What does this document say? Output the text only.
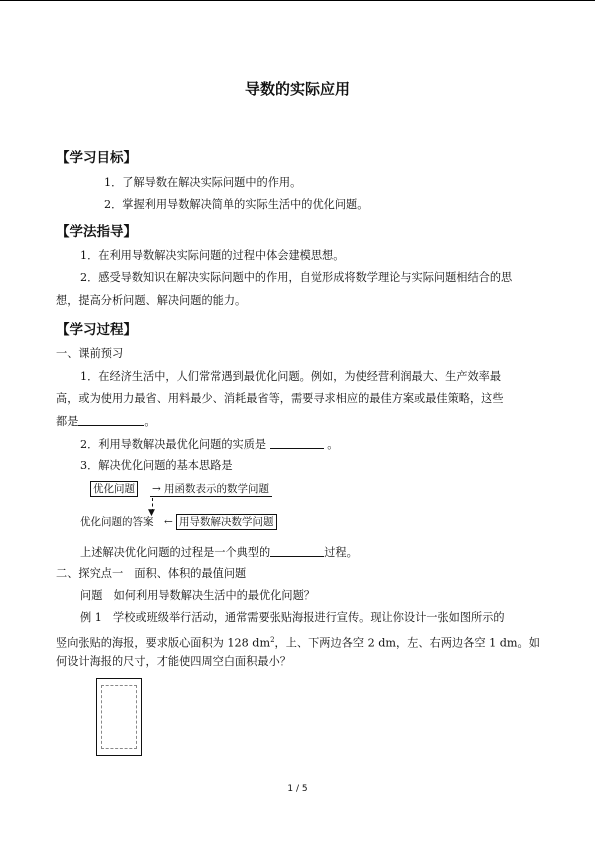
导数的实际应用
【学习目标】
1．了解导数在解决实际问题中的作用。
2．掌握利用导数解决简单的实际生活中的优化问题。
【学法指导】
1．在利用导数解决实际问题的过程中体会建模思想。
2．感受导数知识在解决实际问题中的作用，自觉形成将数学理论与实际问题相结合的思
想，提高分析问题、解决问题的能力。
【学习过程】
一、课前预习
1．在经济生活中，人们常常遇到最优化问题。例如，为使经营利润最大、生产效率最
高，或为使用力最省、用料最少、消耗最省等，需要寻求相应的最佳方案或最佳策略，这些
都是	。
2．利用导数解决最优化问题的实质是	。
3．解决优化问题的基本思路是
优化问题 → 用函数表示的数学问题
▼
优化问题的答案 ← 用导数解决数学问题
上述解决优化问题的过程是一个典型的	过程。
二、探究点一　面积、体积的最值问题
问题　如何利用导数解决生活中的最优化问题？
例 1　学校或班级举行活动，通常需要张贴海报进行宣传。现让你设计一张如图所示的
竖向张贴的海报，要求版心面积为 128 $dm^2$，上、下两边各空 2 dm，左、右两边各空 1 dm。如
何设计海报的尺寸，才能使四周空白面积最小？
1 / 5
